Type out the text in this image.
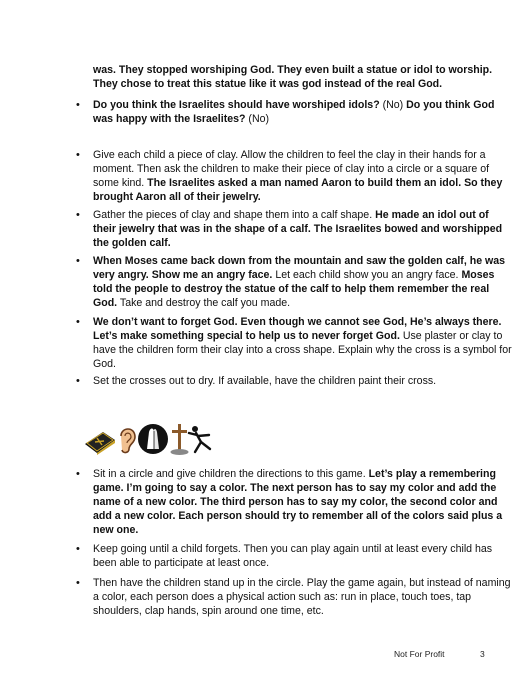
was. They stopped worshiping God. They even built a statue or idol to worship. They chose to treat this statue like it was god instead of the real God.

•	Do you think the Israelites should have worshiped idols? (No) Do you think God was happy with the Israelites? (No)

•	Give each child a piece of clay. Allow the children to feel the clay in their hands for a moment. Then ask the children to make their piece of clay into a circle or a square of some kind. The Israelites asked a man named Aaron to build them an idol. So they brought Aaron all of their jewelry.

•	Gather the pieces of clay and shape them into a calf shape. He made an idol out of their jewelry that was in the shape of a calf. The Israelites bowed and worshipped the golden calf.

•	When Moses came back down from the mountain and saw the golden calf, he was very angry. Show me an angry face. Let each child show you an angry face. Moses told the people to destroy the statue of the calf to help them remember the real God. Take and destroy the calf you made.

•	We don’t want to forget God. Even though we cannot see God, He’s always there. Let’s make something special to help us to never forget God. Use plaster or clay to have the children form their clay into a cross shape. Explain why the cross is a symbol for God.

•	Set the crosses out to dry. If available, have the children paint their cross.

•	Sit in a circle and give children the directions to this game. Let’s play a remembering game. I’m going to say a color. The next person has to say my color and add the name of a new color. The third person has to say my color, the second color and add a new color. Each person should try to remember all of the colors said plus a new one.

•	Keep going until a child forgets. Then you can play again until at least every child has been able to participate at least once.

•	Then have the children stand up in the circle. Play the game again, but instead of naming a color, each person does a physical action such as: run in place, touch toes, tap shoulders, clap hands, spin around one time, etc.

Not For Profit	3
